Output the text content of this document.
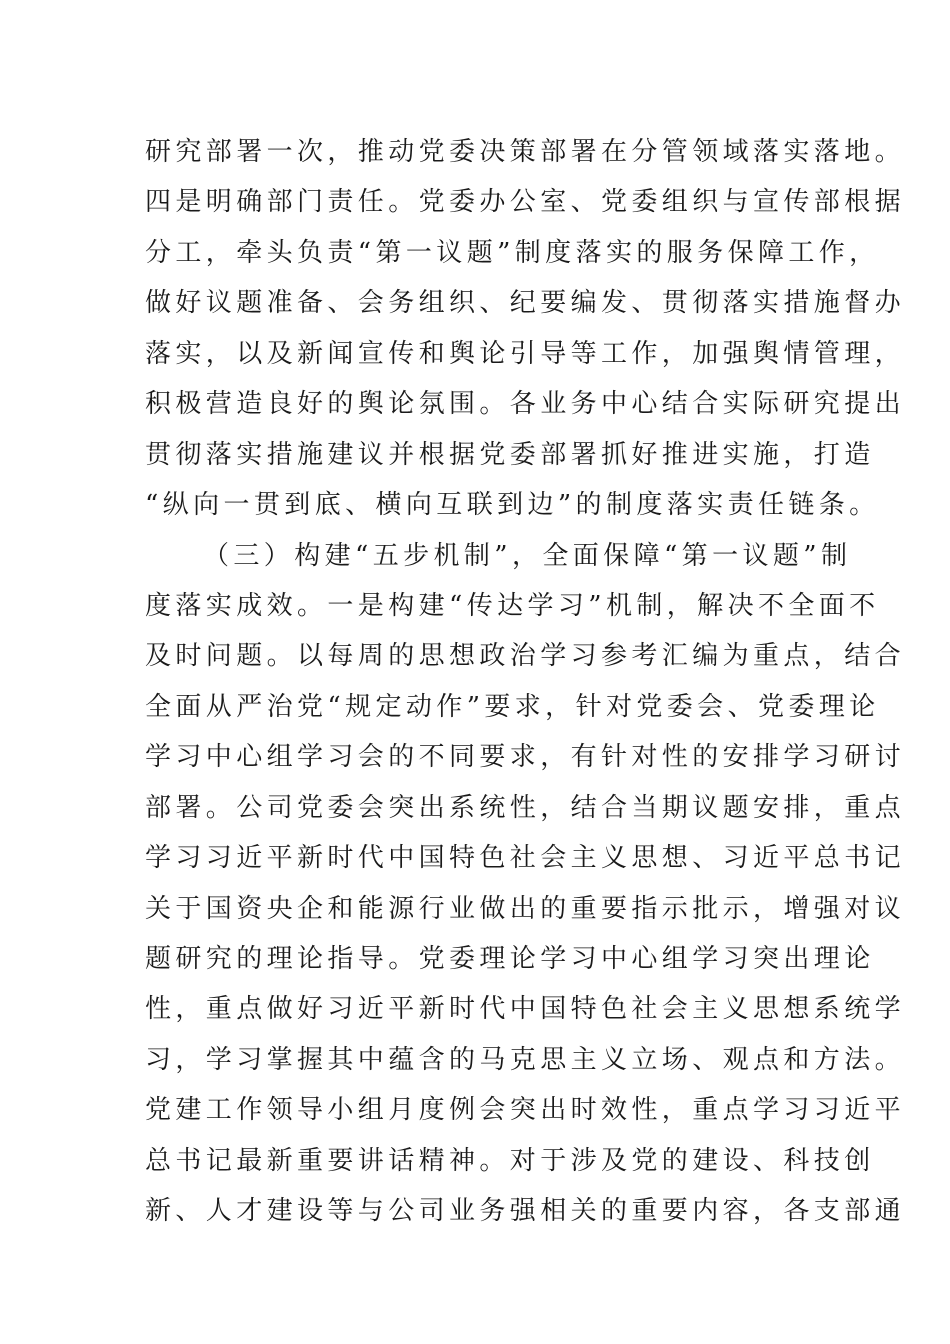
研究部署一次，推动党委决策部署在分管领域落实落地。
四是明确部门责任。党委办公室、党委组织与宣传部根据
分工，牵头负责“第一议题”制度落实的服务保障工作，
做好议题准备、会务组织、纪要编发、贯彻落实措施督办
落实，以及新闻宣传和舆论引导等工作，加强舆情管理，
积极营造良好的舆论氛围。各业务中心结合实际研究提出
贯彻落实措施建议并根据党委部署抓好推进实施，打造
“纵向一贯到底、横向互联到边”的制度落实责任链条。
（三）构建“五步机制”，全面保障“第一议题”制
度落实成效。一是构建“传达学习”机制，解决不全面不
及时问题。以每周的思想政治学习参考汇编为重点，结合
全面从严治党“规定动作”要求，针对党委会、党委理论
学习中心组学习会的不同要求，有针对性的安排学习研讨
部署。公司党委会突出系统性，结合当期议题安排，重点
学习习近平新时代中国特色社会主义思想、习近平总书记
关于国资央企和能源行业做出的重要指示批示，增强对议
题研究的理论指导。党委理论学习中心组学习突出理论
性，重点做好习近平新时代中国特色社会主义思想系统学
习，学习掌握其中蕴含的马克思主义立场、观点和方法。
党建工作领导小组月度例会突出时效性，重点学习习近平
总书记最新重要讲话精神。对于涉及党的建设、科技创
新、人才建设等与公司业务强相关的重要内容，各支部通
